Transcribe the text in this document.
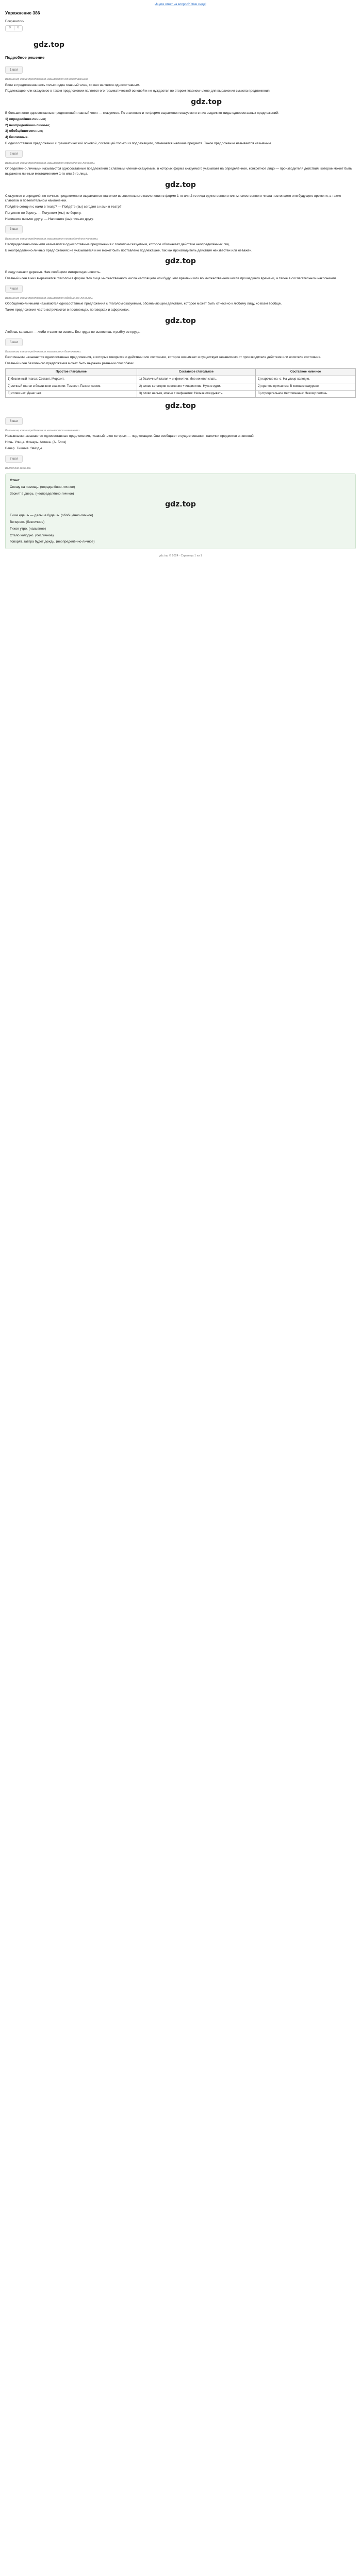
Ищете ответ на вопрос? Жми сюда!
Упражнение 386
Понравилось
0	0
gdz.top
Подробное решение
1 шаг
Вспомним, какие предложения называются односоставными.

Если в предложении есть только один главный член, то оно является односоставным.

Подлежащее или сказуемое в таком предложении является его грамматической основой и не нуждается во втором главном члене для выражения смысла предложения.

gdz.top

В большинстве односоставных предложений главный член — сказуемое. По значению и по форме выражения сказуемого в них выделяют виды односоставных предложений:

1) определённо-личные;

2) неопределённо-личные;

3) обобщённо-личные;

4) безличные.

В односоставном предложении с грамматической основой, состоящей только из подлежащего, отмечается наличие предмета. Такое предложение называется назывным.

2 шаг
Вспомним, какие предложения называются определённо-личными.

Определённо-личными называются односоставные предложения с главным членом-сказуемым, в которых форма сказуемого указывает на определённое, конкретное лицо — производителя действия, которое может быть выражено личным местоимением 1-го или 2-го лица.

gdz.top

Сказуемое в определённо-личных предложениях выражается глаголом изъявительного наклонения в форме 1-го или 2-го лица единственного или множественного числа настоящего или будущего времени, а также глаголом в повелительном наклонении.

Пойдёте сегодня с нами в театр? — Пойдёте (вы) сегодня с нами в театр?

Погуляем по берегу. — Погуляем (мы) по берегу.

Напишите письмо другу. — Напишите (вы) письмо другу.

3 шаг
Вспомним, какие предложения называются неопределённо-личными.

Неопределённо-личными называются односоставные предложения с глаголом-сказуемым, которое обозначает действие неопределённых лиц.

В неопределённо-личных предложениях не указывается и не может быть поставлено подлежащее, так как производитель действия неизвестен или неважен.

gdz.top

В саду сажают деревья. Нам сообщили интересную новость.

Главный член в них выражается глаголом в форме 3-го лица множественного числа настоящего или будущего времени или во множественном числе прошедшего времени, а также в сослагательном наклонении.

4 шаг
Вспомним, какие предложения называются обобщённо-личными.

Обобщённо-личными называются односоставные предложения с глаголом-сказуемым, обозначающим действие, которое может быть отнесено к любому лицу, ко всем вообще.

Такие предложения часто встречаются в пословицах, поговорках и афоризмах.

gdz.top

Любишь кататься — люби и саночки возить. Без труда не выловишь и рыбку из пруда.

5 шаг
Вспомним, какие предложения называются безличными.

Безличными называются односоставные предложения, в которых говорится о действии или состоянии, которое возникает и существует независимо от производителя действия или носителя состояния.

Главный член безличного предложения может быть выражен разными способами:

Простое глагольное	Составное глагольное	Составное именное
1) безличный глагол: Светает. Морозит.	1) безличный глагол + инфинитив: Мне хочется спать.	1) наречие на -о: На улице холодно.
2) личный глагол в безличном значении: Темнеет. Пахнет сеном.	2) слово категории состояния + инфинитив: Нужно идти.	2) краткое причастие: В комнате накурено.
3) слово нет: Денег нет.	3) слово нельзя, можно + инфинитив: Нельзя опаздывать.	3) отрицательное местоимение: Некому помочь.
gdz.top
6 шаг
Вспомним, какие предложения называются назывными.

Назывными называются односоставные предложения, главный член которых — подлежащее. Они сообщают о существовании, наличии предметов и явлений.

Ночь. Улица. Фонарь. Аптека. (А. Блок)

Вечер. Тишина. Звёзды.

7 шаг
Выполним задание.

Ответ

Спешу на помощь. (определённо-личное)

Звонят в дверь. (неопределённо-личное)

gdz.top

Тише едешь — дальше будешь. (обобщённо-личное)

Вечереет. (безличное)

Тихое утро. (назывное)

Стало холодно. (безличное)

Говорят, завтра будет дождь. (неопределённо-личное)

gdz.top © 2024 · Страница 1 из 1
